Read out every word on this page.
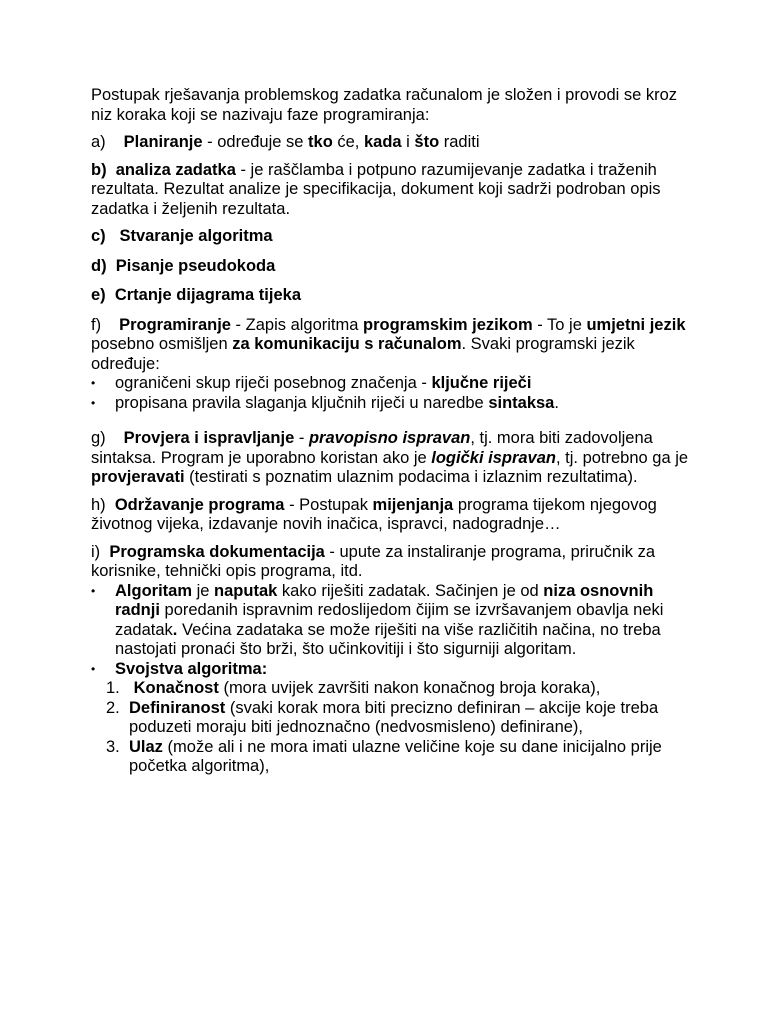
Postupak rješavanja problemskog zadatka računalom je složen i provodi se kroz niz koraka koji se nazivaju faze programiranja:

a) Planiranje - određuje se tko će, kada i što raditi

b) analiza zadatka - je raščlamba i potpuno razumijevanje zadatka i traženih rezultata. Rezultat analize je specifikacija, dokument koji sadrži podroban opis zadatka i željenih rezultata.

c) Stvaranje algoritma

d) Pisanje pseudokoda

e) Crtanje dijagrama tijeka

f) Programiranje - Zapis algoritma programskim jezikom - To je umjetni jezik posebno osmišljen za komunikaciju s računalom. Svaki programski jezik određuje:

• ograničeni skup riječi posebnog značenja - ključne riječi
• propisana pravila slaganja ključnih riječi u naredbe sintaksa.

g) Provjera i ispravljanje - pravopisno ispravan, tj. mora biti zadovoljena sintaksa. Program je uporabno koristan ako je logički ispravan, tj. potrebno ga je provjeravati (testirati s poznatim ulaznim podacima i izlaznim rezultatima).

h) Održavanje programa - Postupak mijenjanja programa tijekom njegovog životnog vijeka, izdavanje novih inačica, ispravci, nadogradnje…

i) Programska dokumentacija - upute za instaliranje programa, priručnik za korisnike, tehnički opis programa, itd.

• Algoritam je naputak kako riješiti zadatak. Sačinjen je od niza osnovnih radnji poredanih ispravnim redoslijedom čijim se izvršavanjem obavlja neki zadatak. Većina zadataka se može riješiti na više različitih načina, no treba nastojati pronaći što brži, što učinkovitiji i što sigurniji algoritam.
• Svojstva algoritma:
1. Konačnost (mora uvijek završiti nakon konačnog broja koraka),
2. Definiranost (svaki korak mora biti precizno definiran – akcije koje treba poduzeti moraju biti jednoznačno (nedvosmisleno) definirane),
3. Ulaz (može ali i ne mora imati ulazne veličine koje su dane inicijalno prije početka algoritma),
